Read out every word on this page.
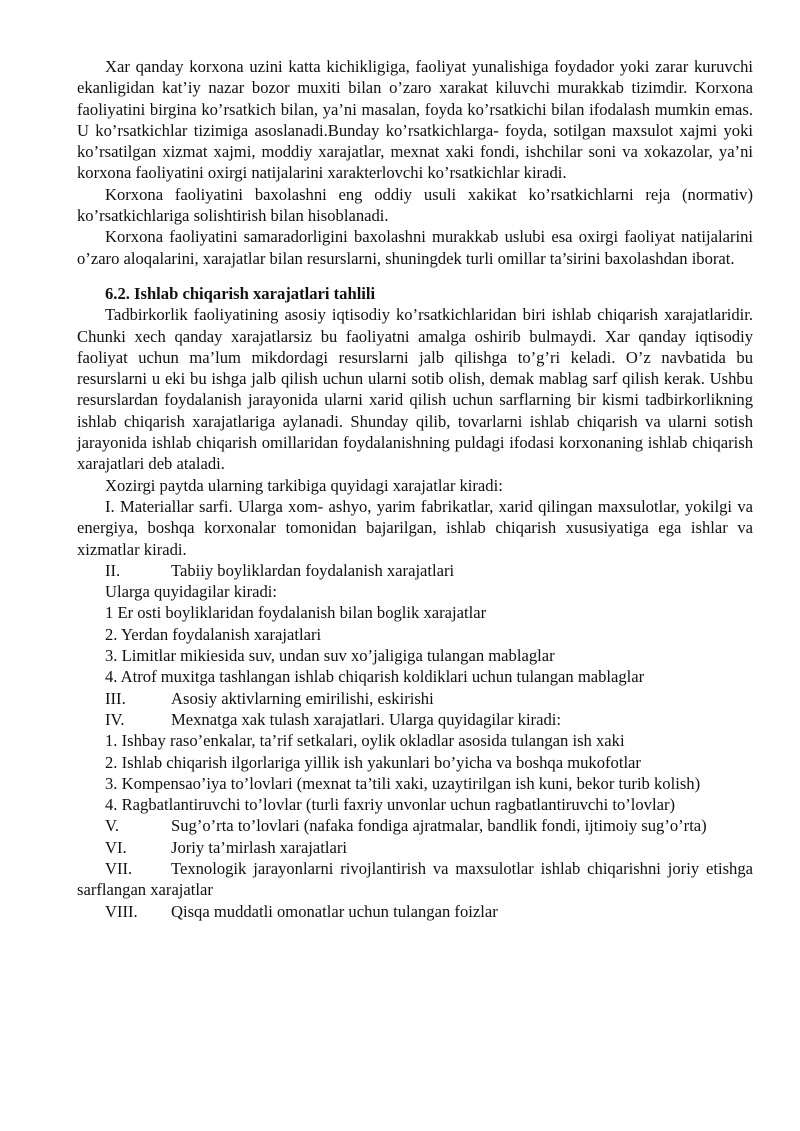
Xar qanday korxona uzini katta kichikligiga, faoliyat yunalishiga foydador yoki zarar kuruvchi ekanligidan kat’iy nazar bozor muxiti bilan o’zaro xarakat kiluvchi murakkab tizimdir. Korxona faoliyatini birgina ko’rsatkich bilan, ya’ni masalan, foyda ko’rsatkichi bilan ifodalash mumkin emas. U ko’rsatkichlar tizimiga asoslanadi.Bunday ko’rsatkichlarga- foyda, sotilgan maxsulot xajmi yoki ko’rsatilgan xizmat xajmi, moddiy xarajatlar, mexnat xaki fondi, ishchilar soni va xokazolar, ya’ni korxona faoliyatini oxirgi natijalarini xarakterlovchi ko’rsatkichlar kiradi.

Korxona faoliyatini baxolashni eng oddiy usuli xakikat ko’rsatkichlarni reja (normativ) ko’rsatkichlariga solishtirish bilan hisoblanadi.

Korxona faoliyatini samaradorligini baxolashni murakkab uslubi esa oxirgi faoliyat natijalarini o’zaro aloqalarini, xarajatlar bilan resurslarni, shuningdek turli omillar ta’sirini baxolashdan iborat.

6.2. Ishlab chiqarish xarajatlari tahlili

Tadbirkorlik faoliyatining asosiy iqtisodiy ko’rsatkichlaridan biri ishlab chiqarish xarajatlaridir. Chunki xech qanday xarajatlarsiz bu faoliyatni amalga oshirib bulmaydi. Xar qanday iqtisodiy faoliyat uchun ma’lum mikdordagi resurslarni jalb qilishga to’g’ri keladi. O’z navbatida bu resurslarni u eki bu ishga jalb qilish uchun ularni sotib olish, demak mablag sarf qilish kerak. Ushbu resurslardan foydalanish jarayonida ularni xarid qilish uchun sarflarning bir kismi tadbirkorlikning ishlab chiqarish xarajatlariga aylanadi. Shunday qilib, tovarlarni ishlab chiqarish va ularni sotish jarayonida ishlab chiqarish omillaridan foydalanishning puldagi ifodasi korxonaning ishlab chiqarish xarajatlari deb ataladi.

Xozirgi paytda ularning tarkibiga quyidagi xarajatlar kiradi:

I. Materiallar sarfi. Ularga xom- ashyo, yarim fabrikatlar, xarid qilingan maxsulotlar, yokilgi va energiya, boshqa korxonalar tomonidan bajarilgan, ishlab chiqarish xususiyatiga ega ishlar va xizmatlar kiradi.

II.	Tabiiy boyliklardan foydalanish xarajatlari

Ularga quyidagilar kiradi:

1 Er osti boyliklaridan foydalanish bilan boglik xarajatlar

2. Yerdan foydalanish xarajatlari

3. Limitlar mikiesida suv, undan suv xo’jaligiga tulangan mablaglar

4. Atrof muxitga tashlangan ishlab chiqarish koldiklari uchun tulangan mablaglar

III.	Asosiy aktivlarning emirilishi, eskirishi

IV.	Mexnatga xak tulash xarajatlari. Ularga quyidagilar kiradi:

1. Ishbay raso’enkalar, ta’rif setkalari, oylik okladlar asosida tulangan ish xaki

2. Ishlab chiqarish ilgorlariga yillik ish yakunlari bo’yicha va boshqa mukofotlar

3. Kompensao’iya to’lovlari (mexnat ta’tili xaki, uzaytirilgan ish kuni, bekor turib kolish)

4. Ragbatlantiruvchi to’lovlar (turli faxriy unvonlar uchun ragbatlantiruvchi to’lovlar)

V.	Sug’o’rta to’lovlari (nafaka fondiga ajratmalar, bandlik fondi, ijtimoiy sug’o’rta)

VI.	Joriy ta’mirlash xarajatlari

VII. Texnologik jarayonlarni rivojlantirish va maxsulotlar ishlab chiqarishni joriy etishga sarflangan xarajatlar

VIII. Qisqa muddatli omonatlar uchun tulangan foizlar
